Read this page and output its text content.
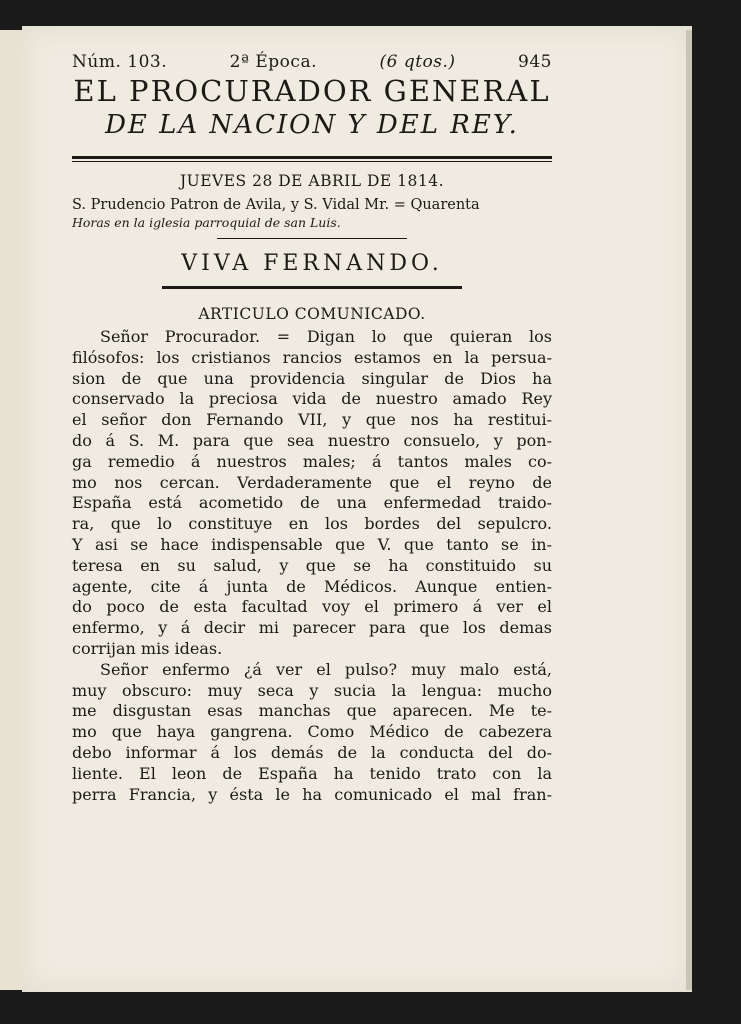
Núm. 103.	2ª Época.	(6 qtos.)	945
EL PROCURADOR GENERAL
DE LA NACION Y DEL REY.
JUEVES 28 DE ABRIL DE 1814.
S. Prudencio Patron de Avila, y S. Vidal Mr. = Quarenta
Horas en la iglesia parroquial de san Luis.
VIVA FERNANDO.
ARTICULO COMUNICADO.
Señor Procurador. = Digan lo que quieran los
filósofos: los cristianos rancios estamos en la persua-
sion de que una providencia singular de Dios ha
conservado la preciosa vida de nuestro amado Rey
el señor don Fernando VII, y que nos ha restitui-
do á S. M. para que sea nuestro consuelo, y pon-
ga remedio á nuestros males; á tantos males co-
mo nos cercan. Verdaderamente que el reyno de
España está acometido de una enfermedad traido-
ra, que lo constituye en los bordes del sepulcro.
Y asi se hace indispensable que V. que tanto se in-
teresa en su salud, y que se ha constituido su
agente, cite á junta de Médicos. Aunque entien-
do poco de esta facultad voy el primero á ver el
enfermo, y á decir mi parecer para que los demas
corrijan mis ideas.
Señor enfermo ¿á ver el pulso? muy malo está,
muy obscuro: muy seca y sucia la lengua: mucho
me disgustan esas manchas que aparecen. Me te-
mo que haya gangrena. Como Médico de cabezera
debo informar á los demás de la conducta del do-
liente. El leon de España ha tenido trato con la
perra Francia, y ésta le ha comunicado el mal fran-
